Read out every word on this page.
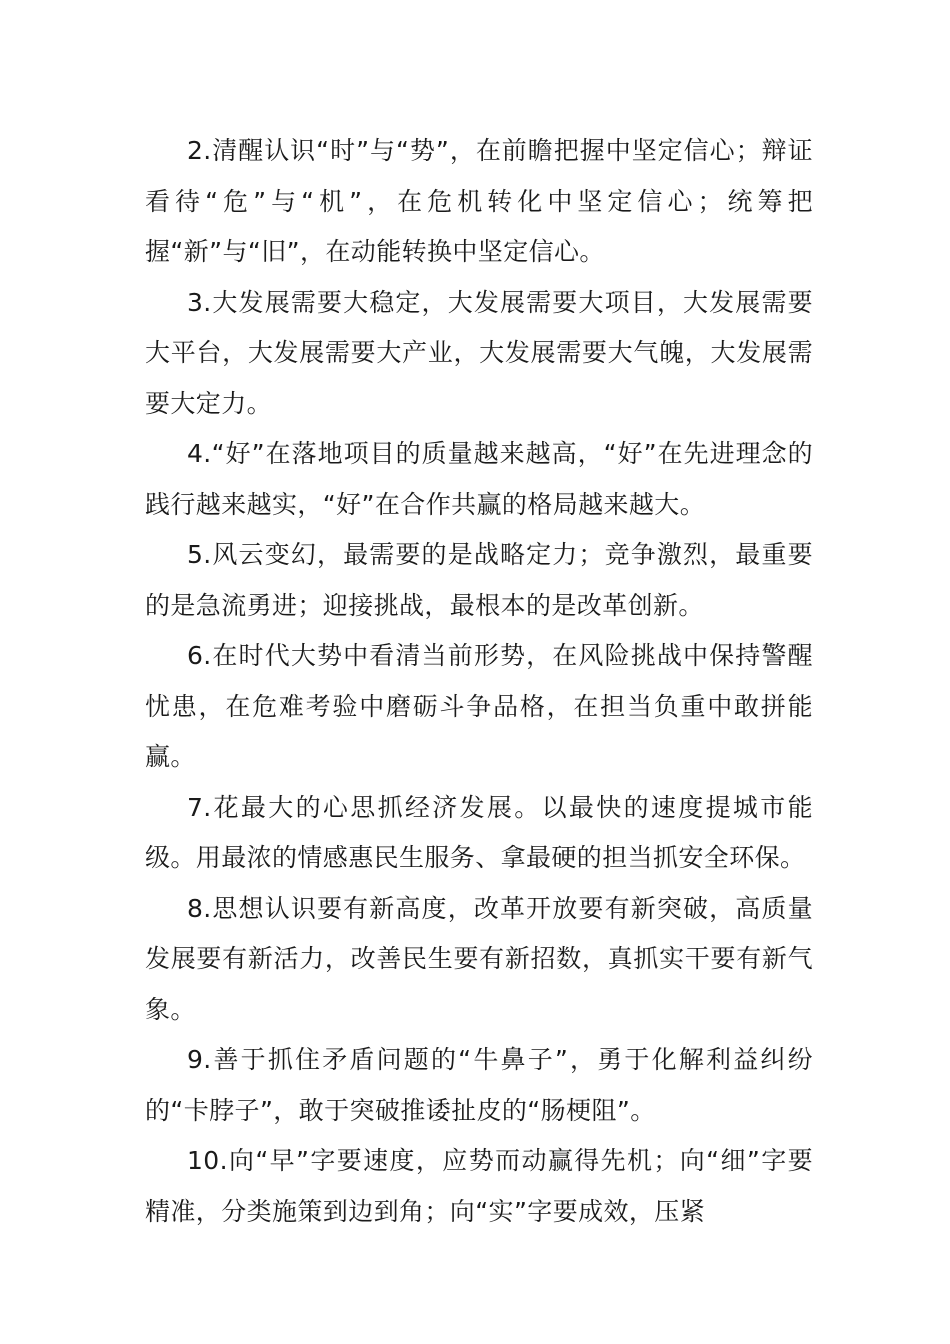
2.清醒认识“时”与“势”，在前瞻把握中坚定信心；辩证看待“危”与“机”，在危机转化中坚定信心；统筹把握“新”与“旧”，在动能转换中坚定信心。

3.大发展需要大稳定，大发展需要大项目，大发展需要大平台，大发展需要大产业，大发展需要大气魄，大发展需要大定力。

4.“好”在落地项目的质量越来越高，“好”在先进理念的践行越来越实，“好”在合作共赢的格局越来越大。

5.风云变幻，最需要的是战略定力；竞争激烈，最重要的是急流勇进；迎接挑战，最根本的是改革创新。

6.在时代大势中看清当前形势，在风险挑战中保持警醒忧患，在危难考验中磨砺斗争品格，在担当负重中敢拼能赢。

7.花最大的心思抓经济发展。以最快的速度提城市能级。用最浓的情感惠民生服务、拿最硬的担当抓安全环保。

8.思想认识要有新高度，改革开放要有新突破，高质量发展要有新活力，改善民生要有新招数，真抓实干要有新气象。

9.善于抓住矛盾问题的“牛鼻子”，勇于化解利益纠纷的“卡脖子”，敢于突破推诿扯皮的“肠梗阻”。

10.向“早”字要速度，应势而动赢得先机；向“细”字要精准，分类施策到边到角；向“实”字要成效，压紧
